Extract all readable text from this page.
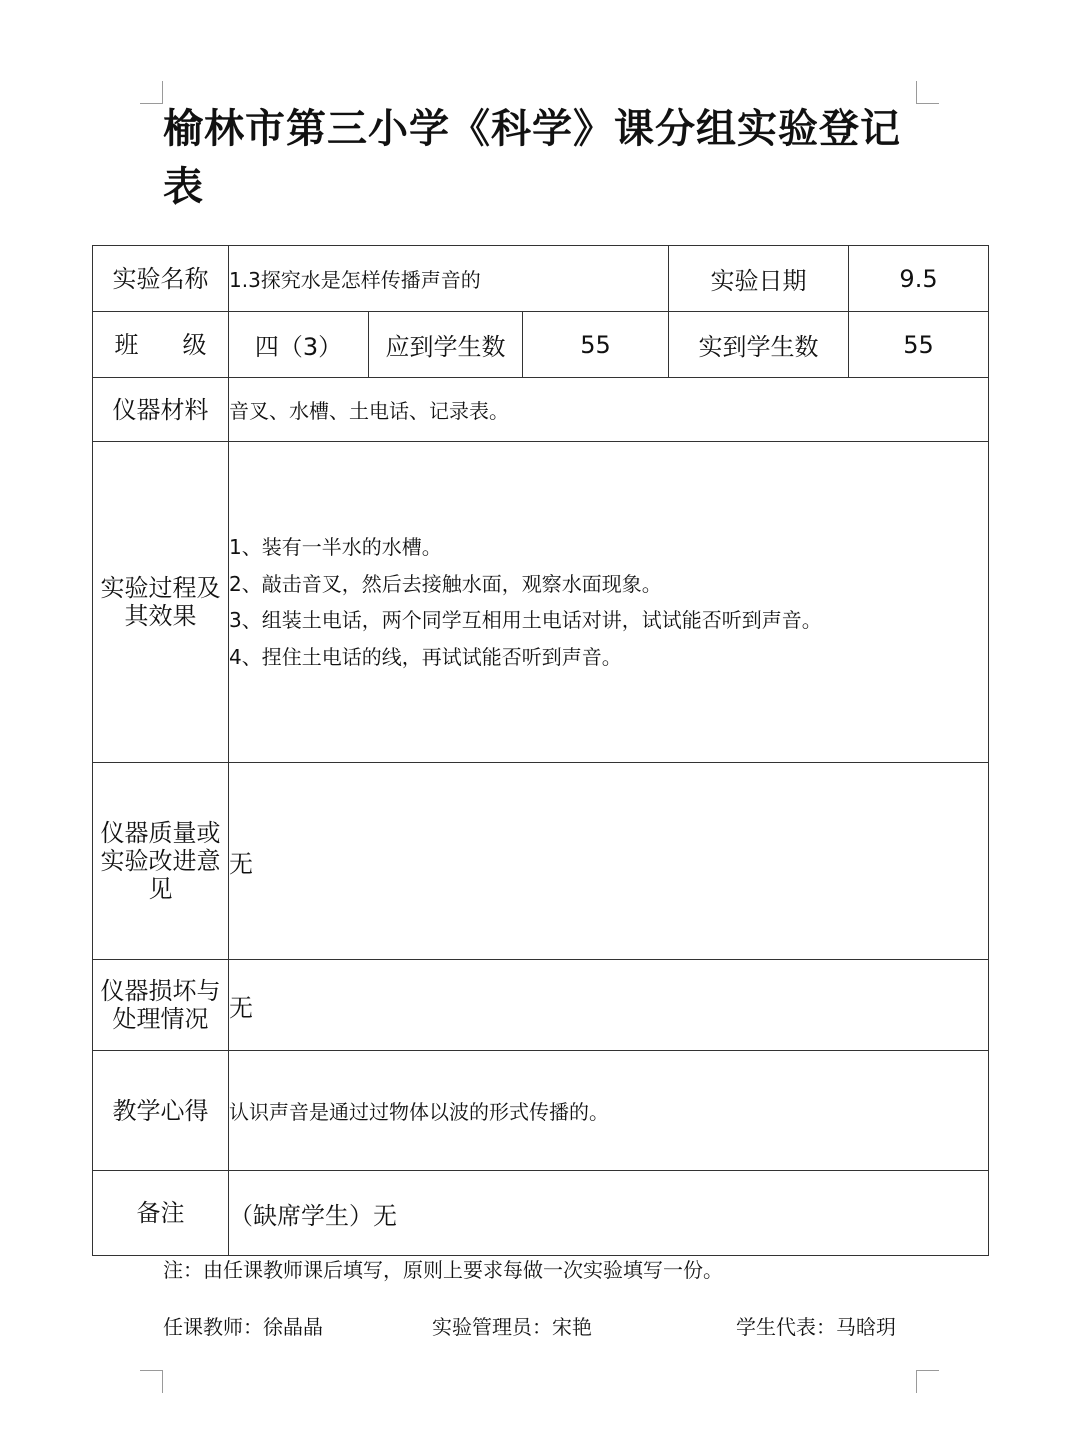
榆林市第三小学《科学》课分组实验登记表
实验名称	1.3探究水是怎样传播声音的			实验日期	9.5
班 级	四（3）	应到学生数	55	实到学生数	55
仪器材料	音叉、水槽、土电话、记录表。				
实验过程及其效果	1、装有一半水的水槽。
2、敲击音叉，然后去接触水面，观察水面现象。
3、组装土电话，两个同学互相用土电话对讲，试试能否听到声音。
4、捏住土电话的线，再试试能否听到声音。				

仪器质量或实验改进意见	无				
仪器损坏与处理情况	无				
教学心得	认识声音是通过过物体以波的形式传播的。				
备注	（缺席学生）无				
注：由任课教师课后填写，原则上要求每做一次实验填写一份。
任课教师：徐晶晶	实验管理员：宋艳	学生代表：马晗玥
